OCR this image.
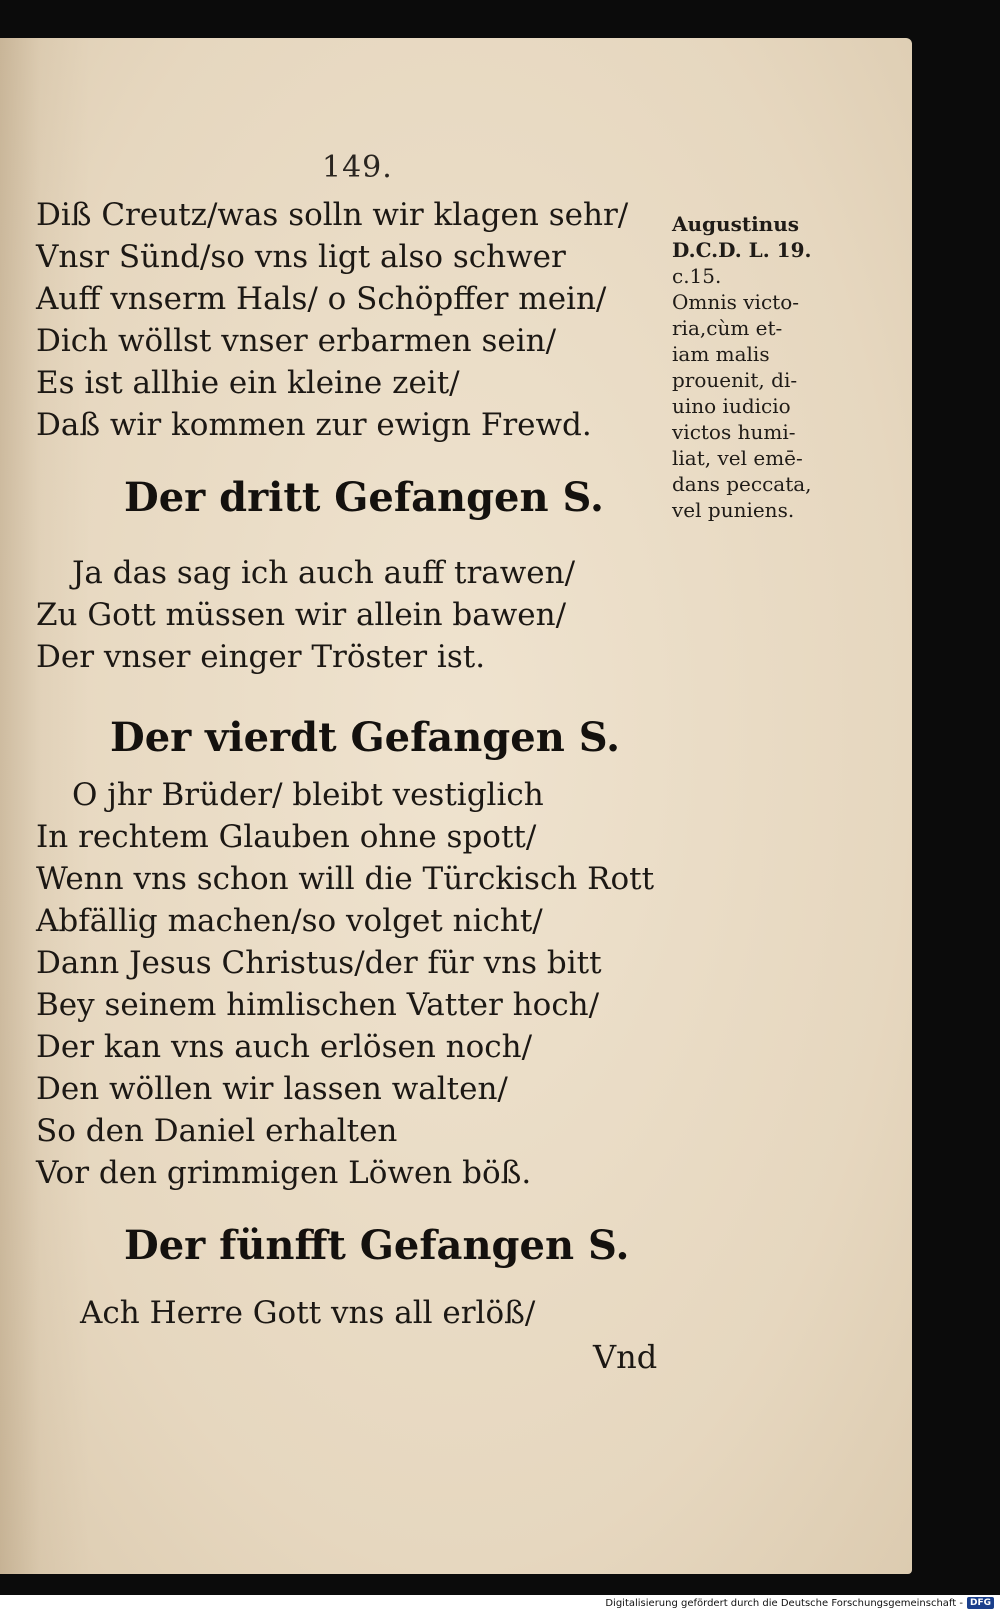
149.

Diß Creutz/was solln wir klagen sehr/

Vnsr Sünd/so vns ligt also schwer

Auff vnserm Hals/ o Schöpffer mein/

Dich wöllst vnser erbarmen sein/

Es ist allhie ein kleine zeit/

Daß wir kommen zur ewign Frewd.

Der dritt Gefangen S.

Ja das sag ich auch auff trawen/

Zu Gott müssen wir allein bawen/

Der vnser einger Tröster ist.

Der vierdt Gefangen S.

O jhr Brüder/ bleibt vestiglich

In rechtem Glauben ohne spott/

Wenn vns schon will die Türckisch Rott

Abfällig machen/so volget nicht/

Dann Jesus Christus/der für vns bitt

Bey seinem himlischen Vatter hoch/

Der kan vns auch erlösen noch/

Den wöllen wir lassen walten/

So den Daniel erhalten

Vor den grimmigen Löwen böß.

Der fünfft Gefangen S.

Ach Herre Gott vns all erlöß/

Vnd
Augustinus
D.C.D. L. 19.
c.15.
Omnis victo-
ria,cùm et-
iam malis
prouenit, di-
uino iudicio
victos humi-
liat, vel emē-
dans peccata,
vel puniens.
Digitalisierung gefördert durch die Deutsche Forschungsgemeinschaft - DFG
